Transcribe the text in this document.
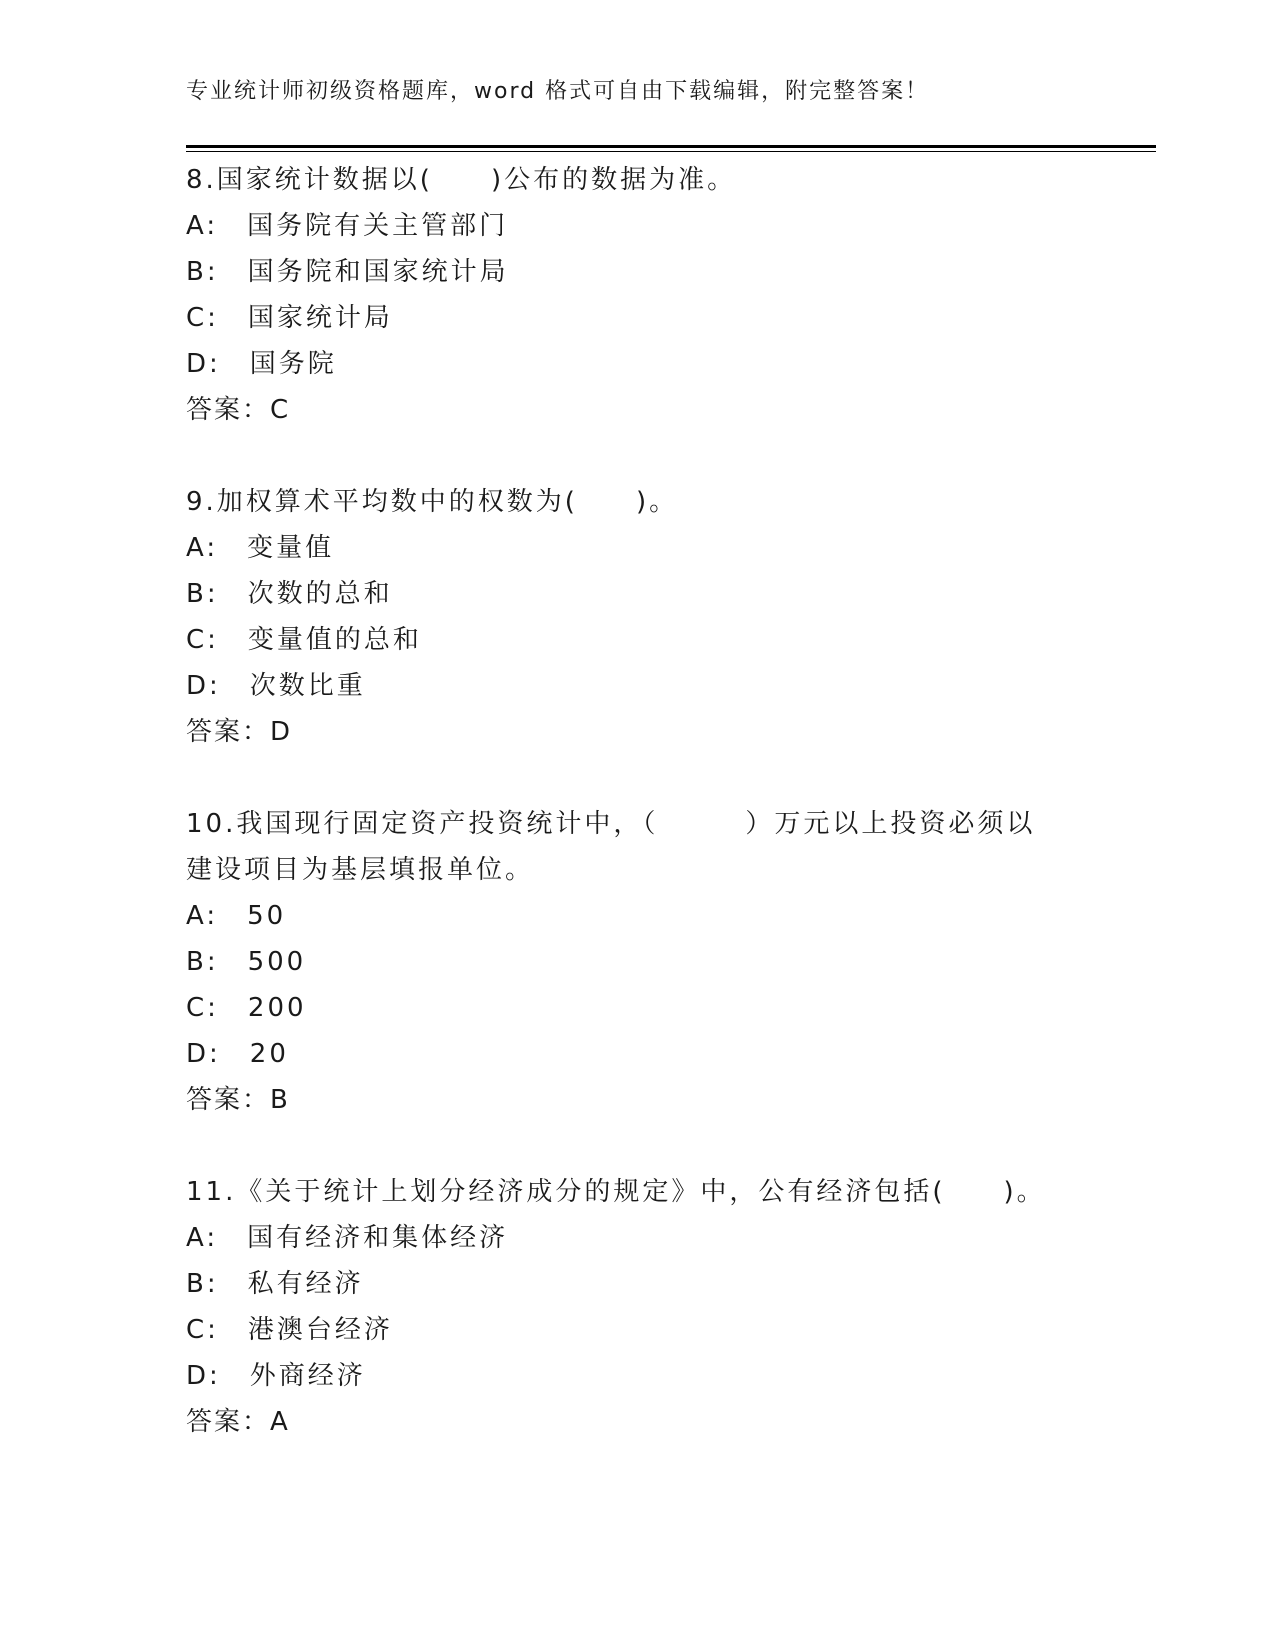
专业统计师初级资格题库，word 格式可自由下载编辑，附完整答案！
8.国家统计数据以(　　)公布的数据为准。
A:　国务院有关主管部门
B:　国务院和国家统计局
C:　国家统计局
D:　国务院
答案：C
9.加权算术平均数中的权数为(　　)。
A:　变量值
B:　次数的总和
C:　变量值的总和
D:　次数比重
答案：D
10.我国现行固定资产投资统计中，（　　　）万元以上投资必须以建设项目为基层填报单位。
A:　50
B:　500
C:　200
D:　20
答案：B
11.《关于统计上划分经济成分的规定》中，公有经济包括(　　)。
A:　国有经济和集体经济
B:　私有经济
C:　港澳台经济
D:　外商经济
答案：A
